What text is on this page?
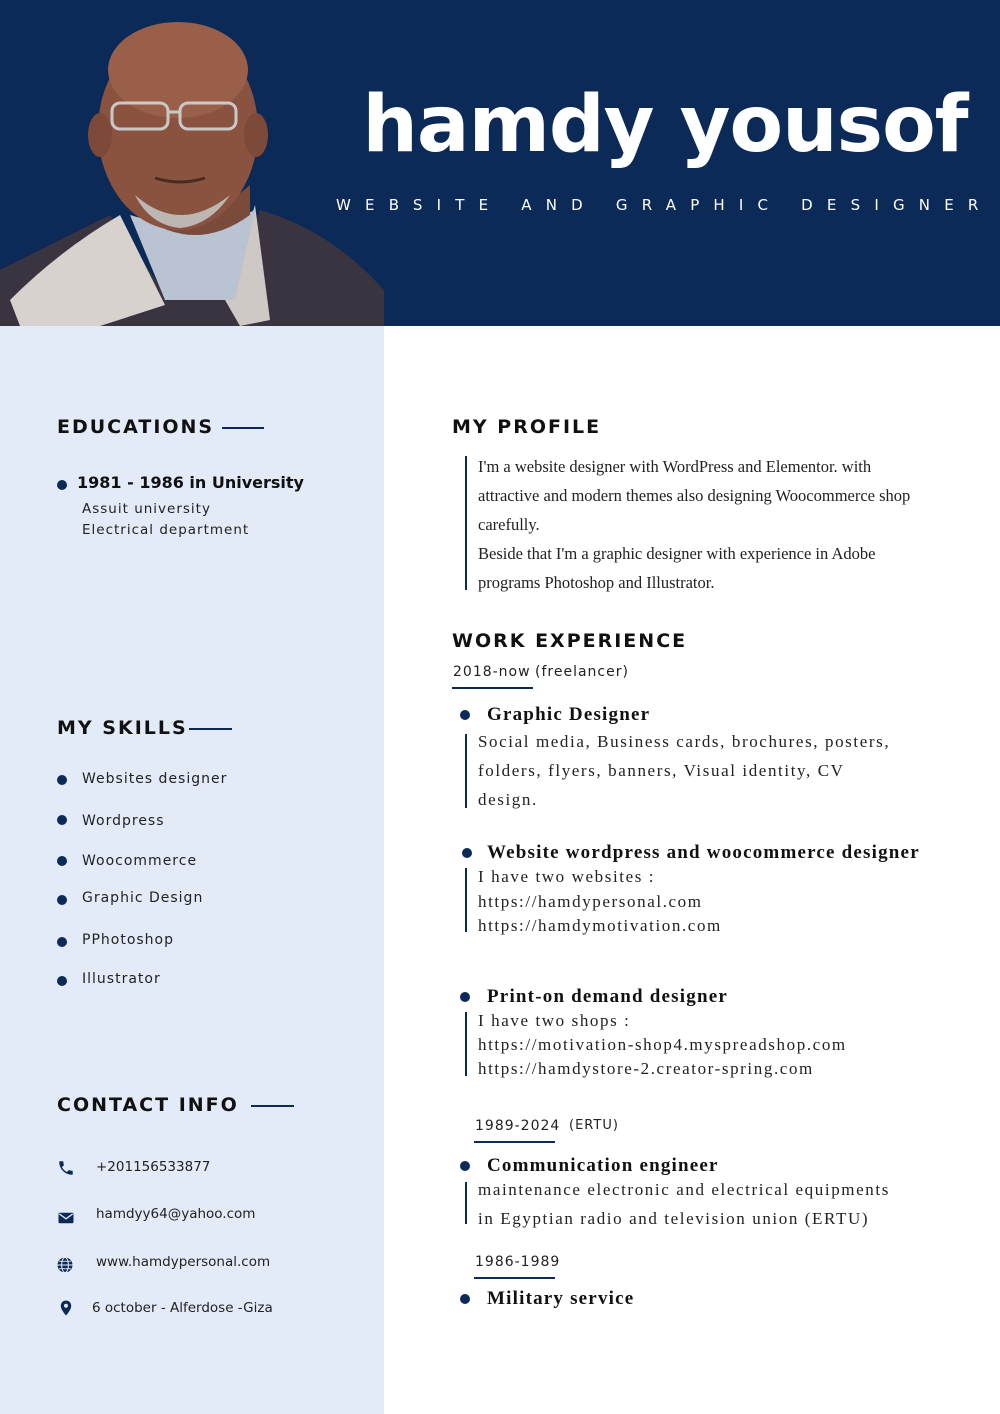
hamdy yousof
WEBSITE AND GRAPHIC DESIGNER
EDUCATIONS
1981 - 1986 in University
Assuit university
Electrical department
MY SKILLS
Websites designer
Wordpress
Woocommerce
Graphic Design
PPhotoshop
Illustrator
CONTACT INFO
+201156533877
hamdyy64@yahoo.com
www.hamdypersonal.com
6 october - Alferdose -Giza
MY PROFILE

I'm a website designer with WordPress and Elementor. with

attractive and modern themes also designing Woocommerce shop

carefully.

Beside that I'm a graphic designer with experience in Adobe

programs Photoshop and Illustrator.

WORK EXPERIENCE
2018-now (freelancer)
Graphic Designer
Social media, Business cards, brochures, posters,
folders, flyers, banners, Visual identity, CV
design.
Website wordpress and woocommerce designer
I have two websites :
https://hamdypersonal.com
https://hamdymotivation.com
Print-on demand designer
I have two shops :
https://motivation-shop4.myspreadshop.com
https://hamdystore-2.creator-spring.com
1989-2024 (ERTU)
Communication engineer
maintenance electronic and electrical equipments
in Egyptian radio and television union (ERTU)
1986-1989
Military service
